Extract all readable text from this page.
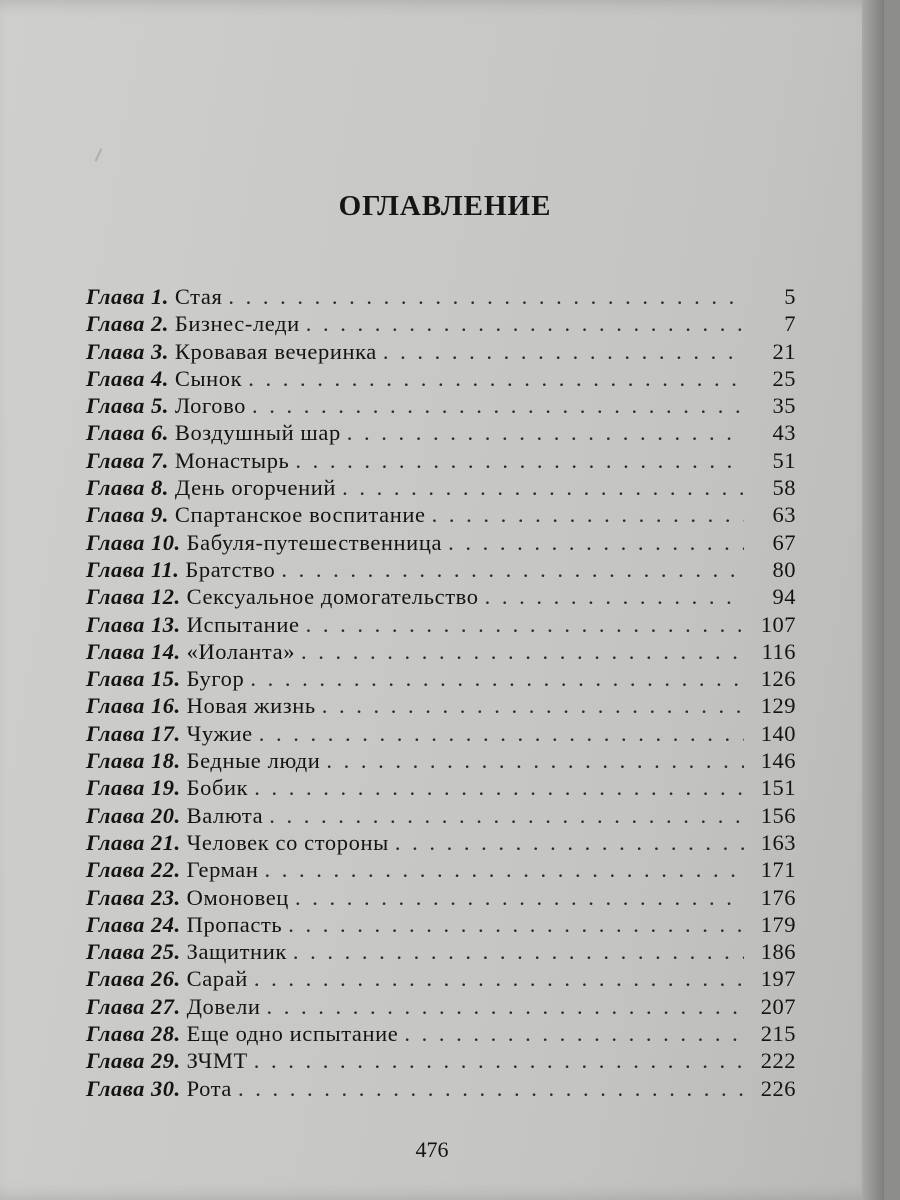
ОГЛАВЛЕНИЕ
Глава 1. Стая . . .	5
Глава 2. Бизнес-леди . . .	7
Глава 3. Кровавая вечеринка . . .	21
Глава 4. Сынок . . .	25
Глава 5. Логово . . .	35
Глава 6. Воздушный шар . . .	43
Глава 7. Монастырь . . .	51
Глава 8. День огорчений . . .	58
Глава 9. Спартанское воспитание . . .	63
Глава 10. Бабуля-путешественница . . .	67
Глава 11. Братство . . .	80
Глава 12. Сексуальное домогательство . . .	94
Глава 13. Испытание . . .	107
Глава 14. «Иоланта» . . .	116
Глава 15. Бугор . . .	126
Глава 16. Новая жизнь . . .	129
Глава 17. Чужие . . .	140
Глава 18. Бедные люди . . .	146
Глава 19. Бобик . . .	151
Глава 20. Валюта . . .	156
Глава 21. Человек со стороны . . .	163
Глава 22. Герман . . .	171
Глава 23. Омоновец . . .	176
Глава 24. Пропасть . . .	179
Глава 25. Защитник . . .	186
Глава 26. Сарай . . .	197
Глава 27. Довели . . .	207
Глава 28. Еще одно испытание . . .	215
Глава 29. ЗЧМТ . . .	222
Глава 30. Рота . . .	226
476
